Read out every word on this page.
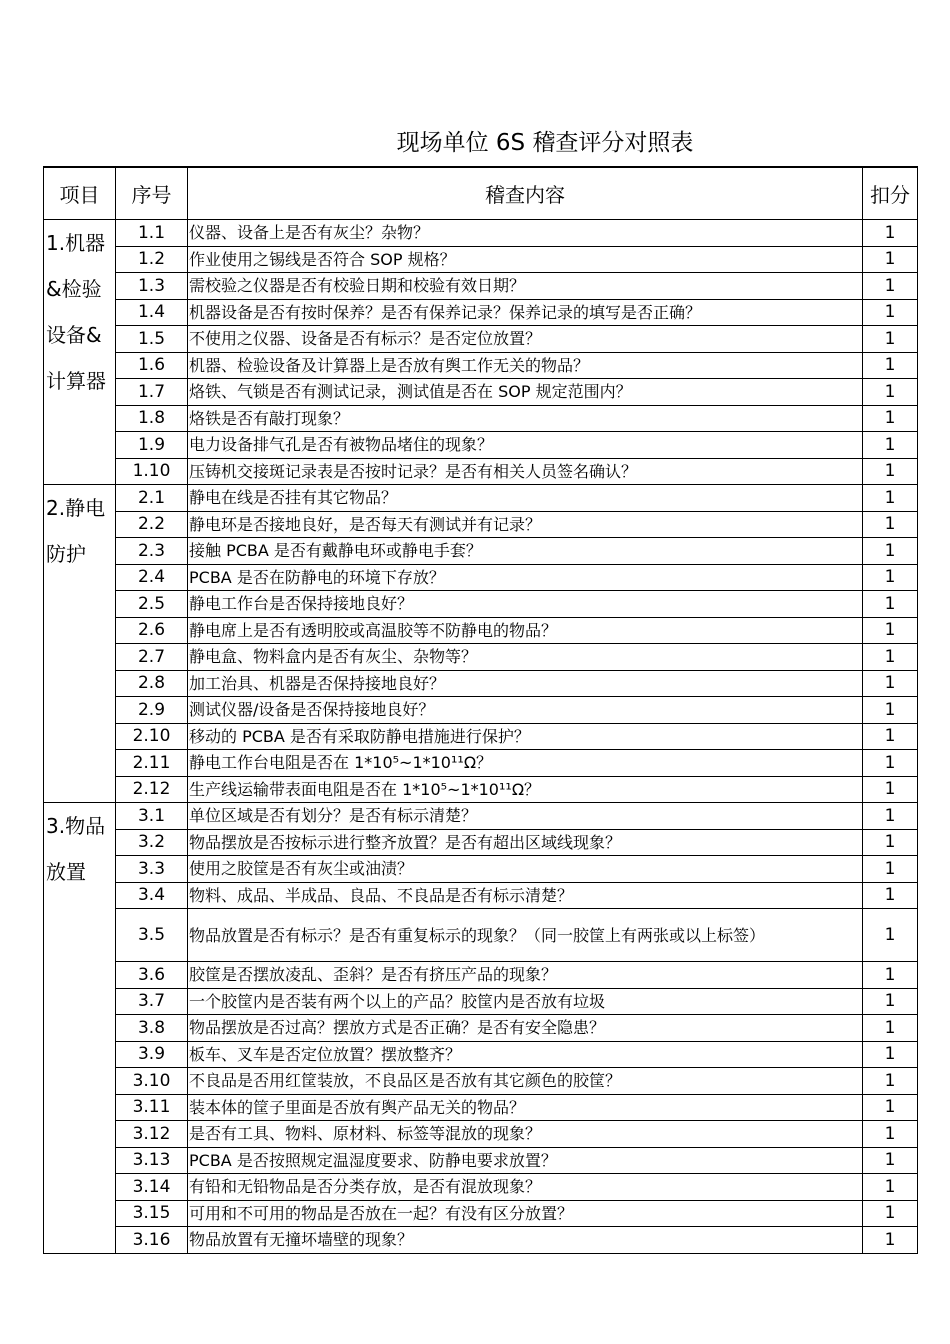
现场单位 6S 稽查评分对照表
项目	序号	稽查内容	扣分

1.机器
&检验
设备&
计算器	1.1	仪器、设备上是否有灰尘？杂物？	1
	1.2	作业使用之锡线是否符合 SOP 规格？	1
	1.3	需校验之仪器是否有校验日期和校验有效日期？	1
	1.4	机器设备是否有按时保养？是否有保养记录？保养记录的填写是否正确？	1
	1.5	不使用之仪器、设备是否有标示？是否定位放置？	1
	1.6	机器、检验设备及计算器上是否放有舆工作无关的物品？	1
	1.7	烙铁、气锁是否有测试记录，测试值是否在 SOP 规定范围内？	1
	1.8	烙铁是否有敲打现象？	1
	1.9	电力设备排气孔是否有被物品堵住的现象？	1
	1.10	压铸机交接斑记录表是否按时记录？是否有相关人员签名确认？	1

2.静电
防护	2.1	静电在线是否挂有其它物品？	1
	2.2	静电环是否接地良好，是否每天有测试并有记录？	1
	2.3	接触 PCBA 是否有戴静电环或静电手套？	1
	2.4	PCBA 是否在防静电的环境下存放？	1
	2.5	静电工作台是否保持接地良好？	1
	2.6	静电席上是否有透明胶或高温胶等不防静电的物品？	1
	2.7	静电盒、物料盒内是否有灰尘、杂物等？	1
	2.8	加工治具、机器是否保持接地良好？	1
	2.9	测试仪器/设备是否保持接地良好？	1
	2.10	移动的 PCBA 是否有采取防静电措施进行保护？	1
	2.11	静电工作台电阻是否在 1*10⁵~1*10¹¹Ω？	1
	2.12	生产线运输带表面电阻是否在 1*10⁵~1*10¹¹Ω？	1

3.物品
放置	3.1	单位区域是否有划分？是否有标示清楚？	1
	3.2	物品摆放是否按标示进行整齐放置？是否有超出区域线现象？	1
	3.3	使用之胶筐是否有灰尘或油渍？	1
	3.4	物料、成品、半成品、良品、不良品是否有标示清楚？	1
	3.5	物品放置是否有标示？是否有重复标示的现象？（同一胶筐上有两张或以上标签）	1
	3.6	胶筐是否摆放凌乱、歪斜？是否有挤压产品的现象？	1
	3.7	一个胶筐内是否装有两个以上的产品？胶筐内是否放有垃圾	1
	3.8	物品摆放是否过高？摆放方式是否正确？是否有安全隐患？	1
	3.9	板车、叉车是否定位放置？摆放整齐？	1
	3.10	不良品是否用红筐装放，不良品区是否放有其它颜色的胶筐？	1
	3.11	装本体的筐子里面是否放有舆产品无关的物品？	1
	3.12	是否有工具、物料、原材料、标签等混放的现象？	1
	3.13	PCBA 是否按照规定温湿度要求、防静电要求放置？	1
	3.14	有铅和无铅物品是否分类存放，是否有混放现象？	1
	3.15	可用和不可用的物品是否放在一起？有没有区分放置？	1
	3.16	物品放置有无撞坏墙壁的现象？	1
